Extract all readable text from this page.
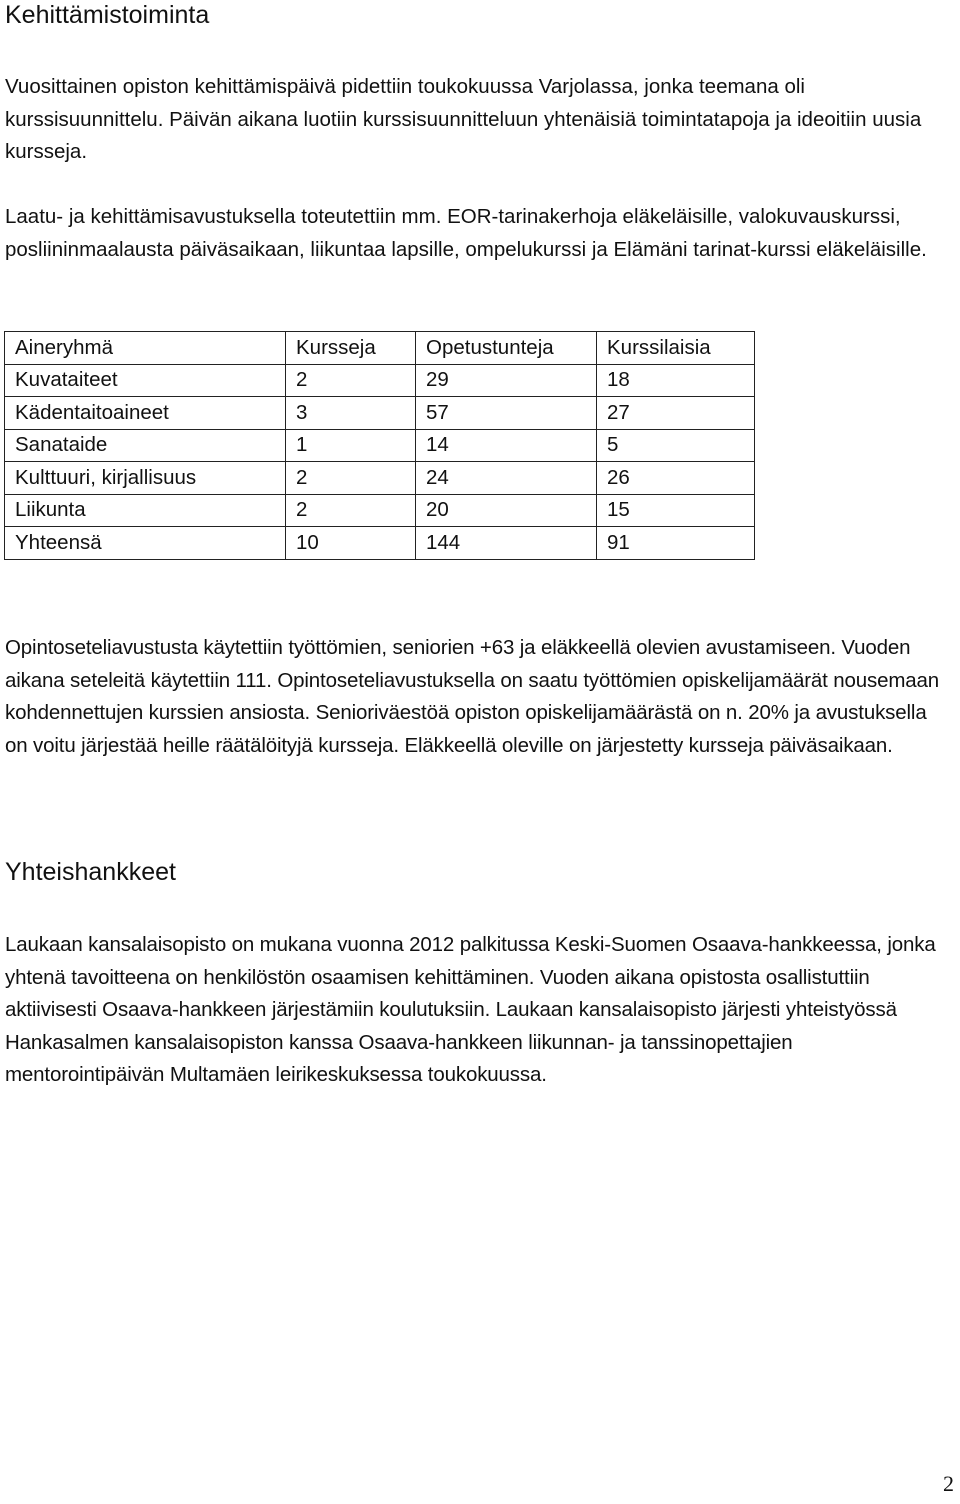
Kehittämistoiminta

Vuosittainen opiston kehittämispäivä pidettiin toukokuussa Varjolassa, jonka teemana oli kurssisuunnittelu. Päivän aikana luotiin kurssisuunnitteluun yhtenäisiä toimintatapoja ja ideoitiin uusia kursseja.

Laatu- ja kehittämisavustuksella toteutettiin mm. EOR-tarinakerhoja eläkeläisille, valokuvauskurssi, posliininmaalausta päiväsaikaan, liikuntaa lapsille, ompelukurssi ja Elämäni tarinat-kurssi eläkeläisille.

Aineryhmä	Kursseja	Opetustunteja	Kurssilaisia
Kuvataiteet	2	29	18
Kädentaitoaineet	3	57	27
Sanataide	1	14	5
Kulttuuri, kirjallisuus	2	24	26
Liikunta	2	20	15
Yhteensä	10	144	91

Opintoseteliavustusta käytettiin työttömien, seniorien +63 ja eläkkeellä olevien avustamiseen. Vuoden aikana seteleitä käytettiin 111. Opintoseteliavustuksella on saatu työttömien opiskelijamäärät nousemaan kohdennettujen kurssien ansiosta. Senioriväestöä opiston opiskelijamäärästä on n. 20% ja avustuksella on voitu järjestää heille räätälöityjä kursseja. Eläkkeellä oleville on järjestetty kursseja päiväsaikaan.

Yhteishankkeet

Laukaan kansalaisopisto on mukana vuonna 2012 palkitussa Keski-Suomen Osaava-hankkeessa, jonka yhtenä tavoitteena on henkilöstön osaamisen kehittäminen. Vuoden aikana opistosta osallistuttiin aktiivisesti Osaava-hankkeen järjestämiin koulutuksiin. Laukaan kansalaisopisto järjesti yhteistyössä Hankasalmen kansalaisopiston kanssa Osaava-hankkeen liikunnan- ja tanssinopettajien mentorointipäivän Multamäen leirikeskuksessa toukokuussa.

2
